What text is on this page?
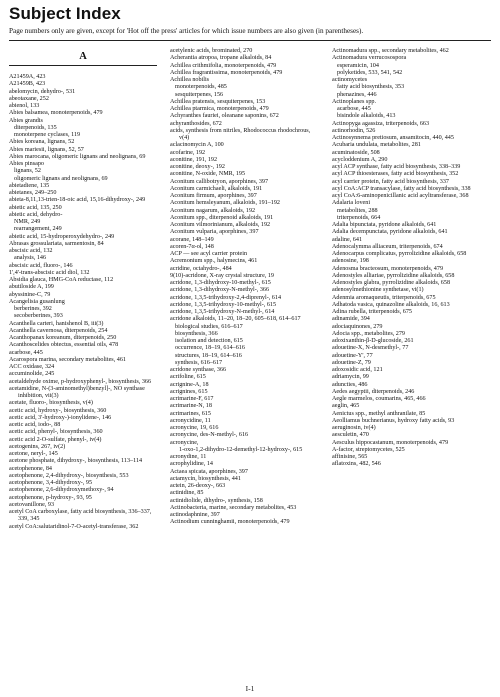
Subject Index
Page numbers only are given, except for 'Hot off the press' articles for which issue numbers are also given (in parentheses).
A
A21459A, 423
A21459B, 423
abelomycin, dehydro-, 531
abeotaxane, 252
abienol, 133
Abies balsamea, monoterpenoids, 479
Abies grandis
diterpenoids, 135
monoterpene cyclases, 119
Abies koreana, lignans, 52
Abies mariesii, lignans, 52, 57
Abies marocana, oligomeric lignans and neolignans, 69
Abies pinsapo
lignans, 52
oligomeric lignans and neolignans, 69
abietadiene, 135
abietanes, 249–250
abieta-8,11,13-trien-18-oic acid, 15,16-dihydroxy-, 249
abietic acid, 135, 250
abietic acid, dehydro-
NMR, 249
rearrangement, 249
abietic acid, 15-hydroperoxydehydro-, 249
Abrasas grossulariata, sarmentosin, 84
abscisic acid, 132
analysis, 146
abscisic acid, fluoro-, 146
1',4'-trans-abscisic acid diol, 132
Absidia glauca, HMG-CoA reductase, 112
abutiloside A, 199
abyssinine-C, 79
Acangelisia gusanlung
berberines, 392
secoberberines, 393
Acanthella carteri, hanishenol B, iii(3)
Acanthella cavernosa, diterpenoids, 254
Acanthopanax koreanum, diterpenoids, 250
Acanthoscelides obtectus, essential oils, 478
acarbose, 445
Acarospora marina, secondary metabolites, 461
ACC oxidase, 324
accuminolide, 245
acetaldehyde oxime, p-hydroxyphenyl-, biosynthesis, 366
acetamidine, N-(3-aminomethyl)benzyl]-, NO synthase inhibition, vii(3)
acetate, fluoro-, biosynthesis, v(4)
acetic acid, hydroxy-, biosynthesis, 360
acetic acid, 3'-hydroxy-)-ionylidene-, 146
acetic acid, iodo-, 88
acetic acid, phenyl-, biosynthesis, 360
acetic acid 2-O-sulfate, phenyl-, iv(4)
acetogenins, 267, iv(2)
acetone, neryl-, 145
acetone phosphate, dihydroxy-, biosynthesis, 113–114
acetophenone, 84
acetophenone, 2,4-dihydroxy-, biosynthesis, 553
acetophenone, 3,4-dihydroxy-, 95
acetophenone, 2,6-dihydroxymethoxy-, 94
acetophenone, p-hydroxy-, 93, 95
acetovanillone, 93
acetyl CoA carboxylase, fatty acid biosynthesis, 336–337, 339, 345
acetyl CoA:salutaridinol-7-O-acetyl-transferase, 362
acetylenic acids, brominated, 270
Acherantia atropoa, tropane alkaloids, 84
Achillea crithmifolia, monoterpenoids, 479
Achillea fragrantissima, monoterpenoids, 479
Achillea nobilis
monoterpenoids, 485
sesquiterpenes, 156
Achillea pratensis, sesquiterpenes, 153
Achillea ptarmica, monoterpenoids, 479
Achyranthes fauriei, oleanane saponins, 672
achyranthosides, 672
acids, synthesis from nitriles, Rhodococcus rhodochrous, v(4)
aclacinomycin A, 100
acofarine, 192
aconitine, 191, 192
aconitine, deoxy-, 192
aconitine, N-oxide, NMR, 195
Aconitum callibotryon, aporphines, 397
Aconitum carmichaeli, alkaloids, 191
Aconitum firmum, aporphines, 397
Aconitum hemsleyanum, alkaloids, 191–192
Aconitum nagarum, alkaloids, 192
Aconitum spp., diterpenoid alkaloids, 191
Aconitum vilmorinianum, alkaloids, 192
Aconitum vulparia, aporphines, 397
acorane, 148–149
acoren-7α-ol, 148
ACP — see acyl carrier protein
Acremonium spp., halymecins, 461
acridine, octahydro-, 484
9(10)-acridone, X-ray crystal structure, 19
acridone, 1,3-dihydroxy-10-methyl-, 615
acridone, 1,3-dihydroxy-N-methyl-, 366
acridone, 1,3,5-trihydroxy-2,4-diprenyl-, 614
acridone, 1,3,5-trihydroxy-10-methyl-, 615
acridone, 1,3,5-trihydroxy-N-methyl-, 614
acridone alkaloids, 11–20, 18–20, 605–618, 614–617
biological studies, 616–617
biosynthesis, 366
isolation and detection, 615
occurrence, 18–19, 614–616
structures, 18–19, 614–616
synthesis, 616–617
acridone synthase, 366
acrifoline, 615
acrignine-A, 18
acrignines, 615
acrimarine-F, 617
acrimarine-N, 18
acrimarines, 615
acronycidine, 11
acronycine, 19, 616
acronycine, des-N-methyl-, 616
acronycine,
1-oxo-1,2-dihydro-12-demethyl-12-hydroxy-, 615
acronydine, 11
acrophylidine, 14
Actaea spicata, aporphines, 397
actamycin, biosynthesis, 441
actein, 26-deoxy-, 663
actinidine, 85
actinidiolide, dihydro-, synthesis, 158
Actinobacteria, marine, secondary metabolites, 453
actinodaphnine, 397
Actinodium cunninghamii, monoterpenoids, 479
Actinomadura spp., secondary metabolites, 462
Actinomadura verrucosospora
esperamicin, 104
polyketides, 533, 541, 542
actinomycetes
fatty acid biosynthesis, 353
phenazines, 446
Actinoplanes spp.
acarbose, 445
bisindole alkaloids, 413
Actinopyga agassiza, triterpenoids, 663
actinorhodin, 526
Actinosynnema pretiosum, ansamitocin, 440, 445
Acubaria undulata, metabolites, 281
acuminatoside, 508
acycloddenium A, 290
acyl ACP synthase, fatty acid biosynthesis, 338–339
acyl ACP thioesterases, fatty acid biosynthesis, 352
acyl carrier protein, fatty acid biosynthesis, 337
acyl CoA:ACP transacylase, fatty acid biosynthesis, 338
acyl CoA:6-aminopenicillanic acid acyltransferase, 368
Adalaria loveni
metabolites, 288
triterpenoids, 664
Adalia bipunctata, pyridone alkaloids, 641
Adalia decempunctata, pyridone alkaloids, 641
adaline, 641
Adenocalymma alliaceum, triterpenoids, 674
Adenocarpus complicatus, pyrrolizidine alkaloids, 658
adenosine, 198
Adenosma bracteosum, monoterpenoids, 479
Adenostyles alliariae, pyrrolizidine alkaloids, 658
Adenostyles glabra, pyrrolizidine alkaloids, 658
adenosylmethionine synthetase, vi(1)
Adenmia aromaqueutis, triterpenoids, 675
Adhatoda vasica, quinazoline alkaloids, 16, 613
Adina rubella, triterpenoids, 675
adinamide, 394
adociaquinones, 279
Adocia spp., metabolites, 279
adoxixanthin-β-D-glucoside, 261
adouetine-X, N-desmethyl-, 77
adouetine-Y', 77
adouetine-Z, 79
adoxosidic acid, 121
adriamycin, 99
aduncties, 486
Aedes aegyptii, diterpenoids, 246
Aegle marmelos, coumarins, 465, 466
aeglin, 465
Aenictus spp., methyl anthranilate, 85
Aeolliamus buchnerianus, hydroxy fatty acids, 93
aeruginosin, iv(4)
aesculetin, 470
Aesculus hippocastanum, monoterpenoids, 479
A-factor, streptomycetes, 525
affinisine, 565
aflatoxins, 482, 546
I-1
